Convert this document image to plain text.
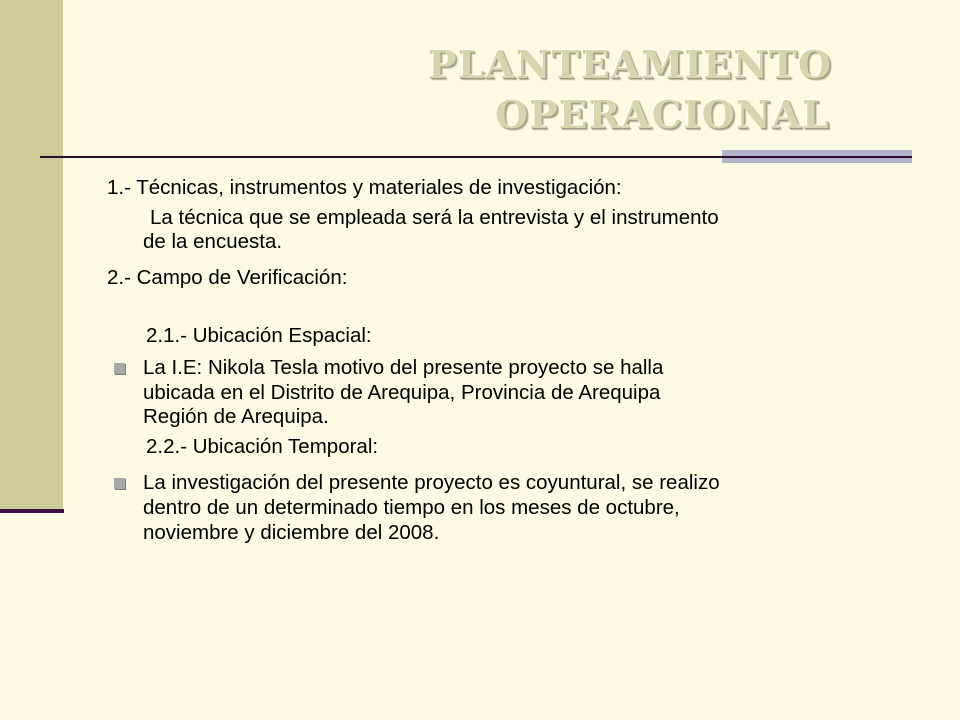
PLANTEAMIENTO
OPERACIONAL

1.- Técnicas, instrumentos y materiales de investigación:

La técnica que se empleada será la entrevista y el instrumento

de la encuesta.

2.- Campo de Verificación:

2.1.- Ubicación Espacial:

La I.E: Nikola Tesla motivo del presente proyecto se halla

ubicada en el Distrito de Arequipa, Provincia de Arequipa

Región de Arequipa.

2.2.- Ubicación Temporal:

La investigación del presente proyecto es coyuntural, se realizo

dentro de un determinado tiempo en los meses de octubre,

noviembre y diciembre del 2008.
